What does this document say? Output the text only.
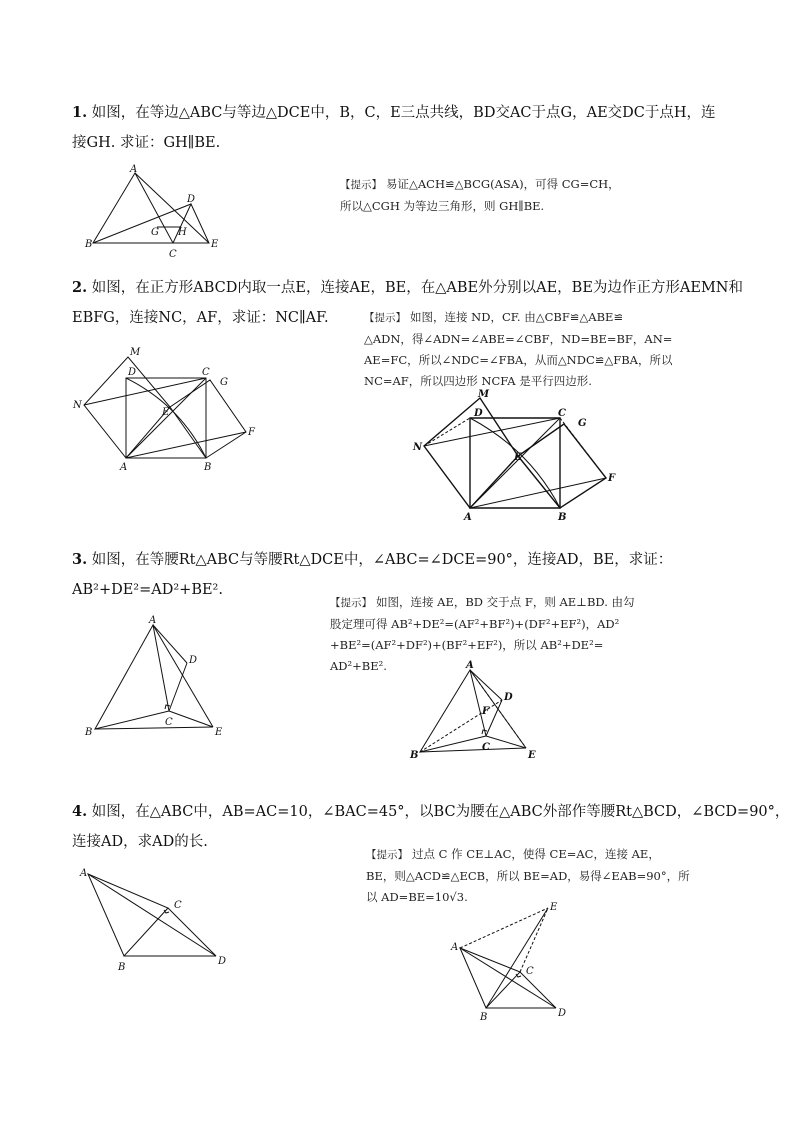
1. 如图，在等边△ABC与等边△DCE中，B，C，E三点共线，BD交AC于点G，AE交DC于点H，连
接GH. 求证：GH∥BE.
A
B
C
D
E
G H
【提示】 易证△ACH≌△BCG(ASA)，可得 CG=CH，
所以△CGH 为等边三角形，则 GH∥BE.
2. 如图，在正方形ABCD内取一点E，连接AE，BE，在△ABE外分别以AE，BE为边作正方形AEMN和
EBFG，连接NC，AF，求证：NC∥AF.
M
D	C
G
N
E
F
A	B
【提示】 如图，连接 ND，CF. 由△CBF≌△ABE≌
△ADN，得∠ADN=∠ABE=∠CBF，ND=BE=BF，AN=
AE=FC，所以∠NDC=∠FBA，从而△NDC≌△FBA，所以
NC=AF，所以四边形 NCFA 是平行四边形.
M
D	C
G
N
E
F
A	B
3. 如图，在等腰Rt△ABC与等腰Rt△DCE中，∠ABC=∠DCE=90°，连接AD，BE，求证：
AB²+DE²=AD²+BE².
A
D
B
C
E
【提示】 如图，连接 AE，BD 交于点 F，则 AE⊥BD. 由勾
股定理可得 AB²+DE²=(AF²+BF²)+(DF²+EF²)，AD²
+BE²=(AF²+DF²)+(BF²+EF²)，所以 AB²+DE²=
AD²+BE².	A
D
F
B
C
E
4. 如图，在△ABC中，AB=AC=10，∠BAC=45°，以BC为腰在△ABC外部作等腰Rt△BCD，∠BCD=90°，
连接AD，求AD的长.
A
C
B
D
【提示】 过点 C 作 CE⊥AC，使得 CE=AC，连接 AE，
BE，则△ACD≌△ECB，所以 BE=AD，易得∠EAB=90°，所
以 AD=BE=10√3.
E
A
C
B	D
